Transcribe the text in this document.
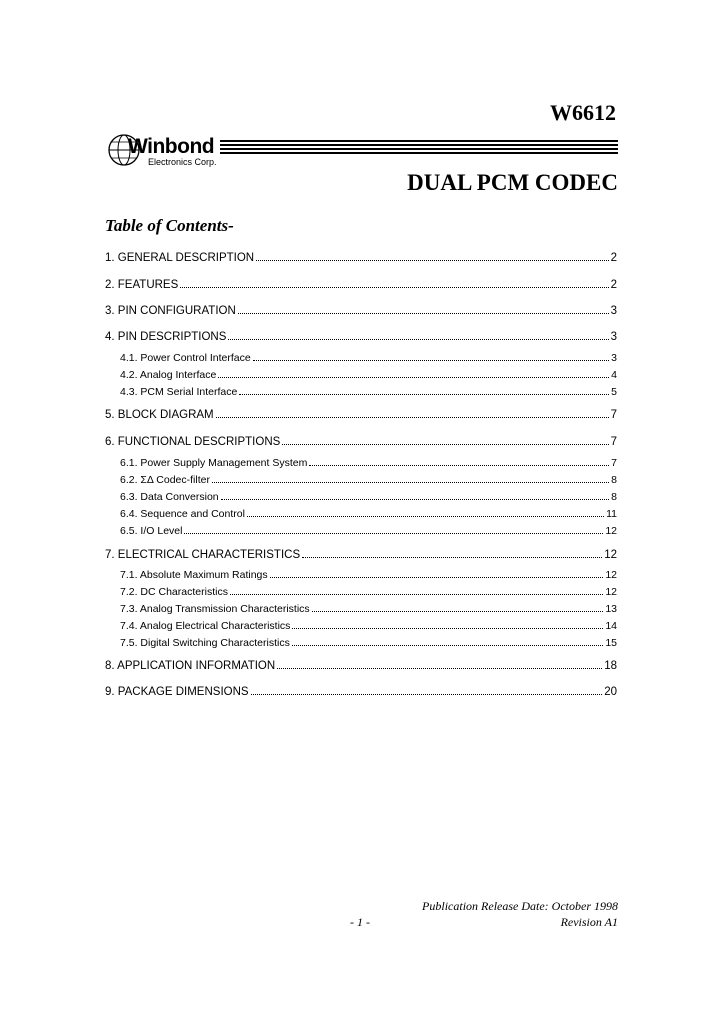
W6612
Winbond
Electronics Corp.
DUAL PCM CODEC
Table of Contents-
1. GENERAL DESCRIPTION	2
2. FEATURES	2
3. PIN CONFIGURATION	3
4. PIN DESCRIPTIONS	3
4.1. Power Control Interface	3
4.2. Analog Interface	4
4.3. PCM Serial Interface	5
5. BLOCK DIAGRAM	7
6. FUNCTIONAL DESCRIPTIONS	7
6.1. Power Supply Management System	7
6.2. ΣΔ Codec-filter	8
6.3. Data Conversion	8
6.4. Sequence and Control	11
6.5. I/O Level	12
7. ELECTRICAL CHARACTERISTICS	12
7.1. Absolute Maximum Ratings	12
7.2. DC Characteristics	12
7.3. Analog Transmission Characteristics	13
7.4. Analog Electrical Characteristics	14
7.5. Digital Switching Characteristics	15
8. APPLICATION INFORMATION	18
9. PACKAGE DIMENSIONS	20
Publication Release Date: October 1998
- 1 -	Revision A1
